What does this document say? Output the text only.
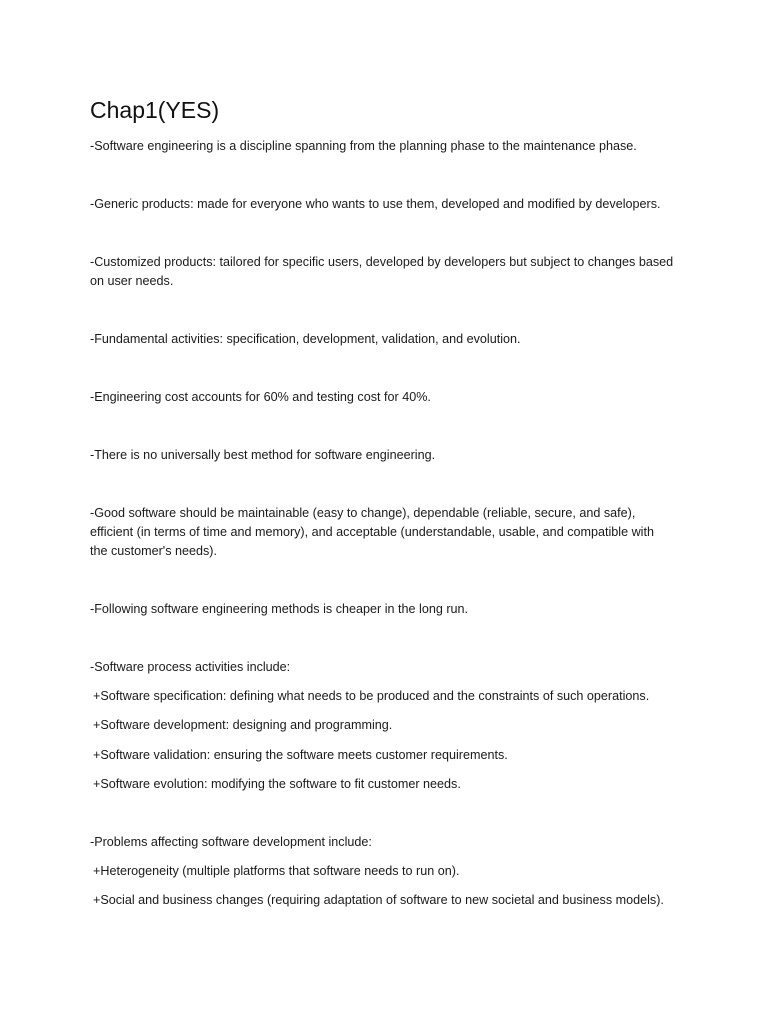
Chap1(YES)
-Software engineering is a discipline spanning from the planning phase to the maintenance phase.
-Generic products: made for everyone who wants to use them, developed and modified by developers.
-Customized products: tailored for specific users, developed by developers but subject to changes based
on user needs.
-Fundamental activities: specification, development, validation, and evolution.
-Engineering cost accounts for 60% and testing cost for 40%.
-There is no universally best method for software engineering.
-Good software should be maintainable (easy to change), dependable (reliable, secure, and safe),
efficient (in terms of time and memory), and acceptable (understandable, usable, and compatible with
the customer's needs).
-Following software engineering methods is cheaper in the long run.
-Software process activities include:
+Software specification: defining what needs to be produced and the constraints of such operations.
+Software development: designing and programming.
+Software validation: ensuring the software meets customer requirements.
+Software evolution: modifying the software to fit customer needs.
-Problems affecting software development include:
+Heterogeneity (multiple platforms that software needs to run on).
+Social and business changes (requiring adaptation of software to new societal and business models).
